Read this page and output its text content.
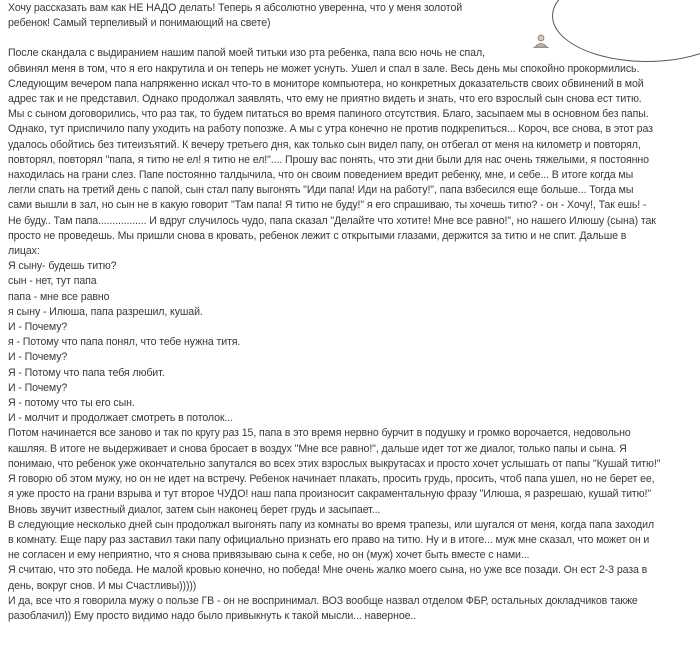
Хочу рассказать вам как НЕ НАДО делать! Теперь я абсолютно уверенна, что у меня золотой
ребенок! Самый терпеливый и понимающий на свете)

После скандала с выдиранием нашим папой моей титьки изо рта ребенка, папа всю ночь не спал,
обвинял меня в том, что я его накрутила и он теперь не может уснуть. Ушел и спал в зале. Весь день мы спокойно прокормились.
Следующим вечером папа напряженно искал что-то в мониторе компьютера, но конкретных доказательств своих обвинений в мой
адрес так и не представил. Однако продолжал заявлять, что ему не приятно видеть и знать, что его взрослый сын снова ест титю.
Мы с сыном договорились, что раз так, то будем питаться во время папиного отсутствия. Благо, засыпаем мы в основном без папы.
Однако, тут приспичило папу уходить на работу попозже. А мы с утра конечно не против подкрепиться... Короч, все снова, в этот раз
удалось обойтись без титеизъятий. К вечеру третьего дня, как только сын видел папу, он отбегал от меня на километр и повторял,
повторял, повторял "папа, я титю не ел! я титю не ел!".... Прошу вас понять, что эти дни были для нас очень тяжелыми, я постоянно
находилась на грани слез. Папе постоянно талдычила, что он своим поведением вредит ребенку, мне, и себе... В итоге когда мы
легли спать на третий день с папой, сын стал папу выгонять "Иди папа! Иди на работу!", папа взбесился еще больше... Тогда мы
сами вышли в зал, но сын не в какую говорит "Там папа! Я титю не буду!" я его спрашиваю, ты хочешь титю? - он - Хочу!, Так ешь! -
Не буду.. Там папа................. И вдруг случилось чудо, папа сказал "Делайте что хотите! Мне все равно!", но нашего Илюшу (сына) так
просто не проведешь. Мы пришли снова в кровать, ребенок лежит с открытыми глазами, держится за титю и не спит. Дальше в
лицах:
Я сыну- будешь титю?
сын - нет, тут папа
папа - мне все равно
я сыну - Илюша, папа разрешил, кушай.
И - Почему?
я - Потому что папа понял, что тебе нужна титя.
И - Почему?
Я - Потому что папа тебя любит.
И - Почему?
Я - потому что ты его сын.
И - молчит и продолжает смотреть в потолок...
Потом начинается все заново и так по кругу раз 15, папа в это время нервно бурчит в подушку и громко ворочается, недовольно
кашляя. В итоге не выдерживает и снова бросает в воздух "Мне все равно!", дальше идет тот же диалог, только папы и сына. Я
понимаю, что ребенок уже окончательно запутался во всех этих взрослых выкрутасах и просто хочет услышать от папы "Кушай титю!"
Я говорю об этом мужу, но он не идет на встречу. Ребенок начинает плакать, просить грудь, просить, чтоб папа ушел, но не берет ее,
я уже просто на грани взрыва и тут второе ЧУДО! наш папа произносит сакраментальную фразу "Илюша, я разрешаю, кушай титю!"
Вновь звучит известный диалог, затем сын наконец берет грудь и засыпает...
В следующие несколько дней сын продолжал выгонять папу из комнаты во время трапезы, или шугался от меня, когда папа заходил
в комнату. Еще пару раз заставил таки папу официально признать его право на титю. Ну и в итоге... муж мне сказал, что может он и
не согласен и ему неприятно, что я снова привязываю сына к себе, но он (муж) хочет быть вместе с нами...
Я считаю, что это победа. Не малой кровью конечно, но победа! Мне очень жалко моего сына, но уже все позади. Он ест 2-3 раза в
день, вокруг снов. И мы Счастливы)))))
И да, все что я говорила мужу о пользе ГВ - он не воспринимал. ВОЗ вообще назвал отделом ФБР, остальных докладчиков также
разоблачил)) Ему просто видимо надо было привыкнуть к такой мысли... наверное..
